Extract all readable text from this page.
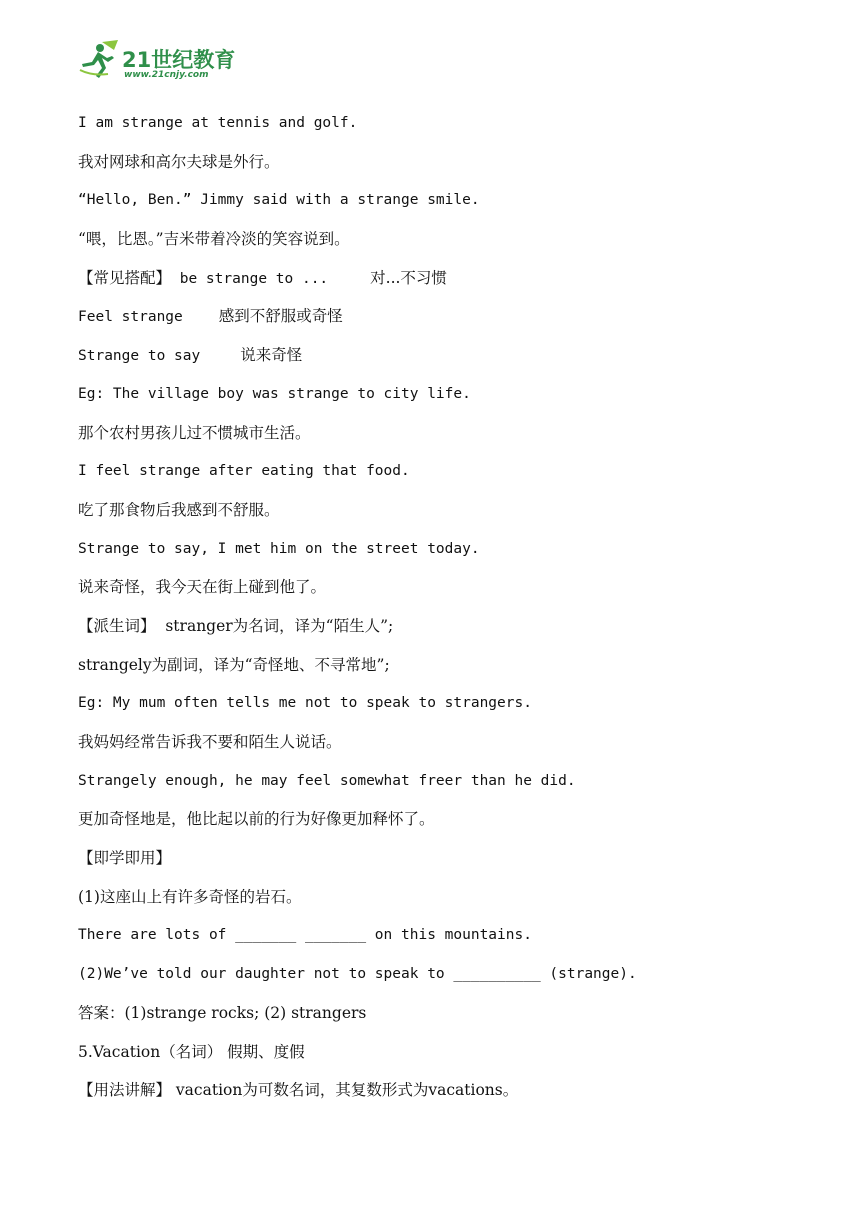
21世纪教育
www.21cnjy.com
I am strange at tennis and golf.
我对网球和高尔夫球是外行。
“Hello, Ben.” Jimmy said with a strange smile.
“喂，比恩。”吉米带着冷淡的笑容说到。
【常见搭配】 be strange to ...	对...不习惯
Feel strange 感到不舒服或奇怪
Strange to say	说来奇怪
Eg: The village boy was strange to city life.
那个农村男孩儿过不惯城市生活。
I feel strange after eating that food.
吃了那食物后我感到不舒服。
Strange to say, I met him on the street today.
说来奇怪，我今天在街上碰到他了。
【派生词】  stranger为名词，译为“陌生人”;
strangely为副词，译为“奇怪地、不寻常地”;
Eg: My mum often tells me not to speak to strangers.
我妈妈经常告诉我不要和陌生人说话。
Strangely enough, he may feel somewhat freer than he did.
更加奇怪地是，他比起以前的行为好像更加释怀了。
【即学即用】
(1)这座山上有许多奇怪的岩石。
There are lots of _______ _______ on this mountains.
(2)We’ve told our daughter not to speak to __________ (strange).
答案：(1)strange rocks; (2) strangers
5.Vacation（名词） 假期、度假
【用法讲解】 vacation为可数名词，其复数形式为vacations。
